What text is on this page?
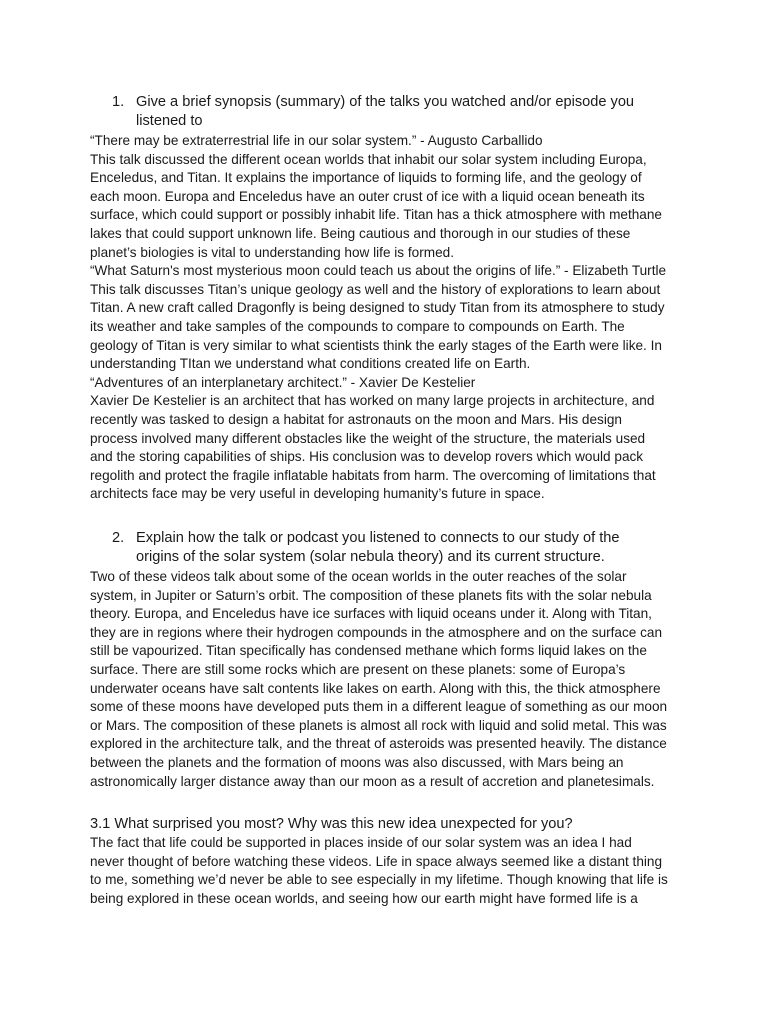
1. Give a brief synopsis (summary) of the talks you watched and/or episode you
listened to
“There may be extraterrestrial life in our solar system.” - Augusto Carballido
This talk discussed the different ocean worlds that inhabit our solar system including Europa,
Enceledus, and Titan. It explains the importance of liquids to forming life, and the geology of
each moon. Europa and Enceledus have an outer crust of ice with a liquid ocean beneath its
surface, which could support or possibly inhabit life. Titan has a thick atmosphere with methane
lakes that could support unknown life. Being cautious and thorough in our studies of these
planet’s biologies is vital to understanding how life is formed.
“What Saturn's most mysterious moon could teach us about the origins of life.” - Elizabeth Turtle
This talk discusses Titan’s unique geology as well and the history of explorations to learn about
Titan. A new craft called Dragonfly is being designed to study Titan from its atmosphere to study
its weather and take samples of the compounds to compare to compounds on Earth. The
geology of Titan is very similar to what scientists think the early stages of the Earth were like. In
understanding TItan we understand what conditions created life on Earth.
“Adventures of an interplanetary architect.” - Xavier De Kestelier
Xavier De Kestelier is an architect that has worked on many large projects in architecture, and
recently was tasked to design a habitat for astronauts on the moon and Mars. His design
process involved many different obstacles like the weight of the structure, the materials used
and the storing capabilities of ships. His conclusion was to develop rovers which would pack
regolith and protect the fragile inflatable habitats from harm. The overcoming of limitations that
architects face may be very useful in developing humanity’s future in space.
2. Explain how the talk or podcast you listened to connects to our study of the
origins of the solar system (solar nebula theory) and its current structure.
Two of these videos talk about some of the ocean worlds in the outer reaches of the solar
system, in Jupiter or Saturn’s orbit. The composition of these planets fits with the solar nebula
theory. Europa, and Enceledus have ice surfaces with liquid oceans under it. Along with Titan,
they are in regions where their hydrogen compounds in the atmosphere and on the surface can
still be vapourized. Titan specifically has condensed methane which forms liquid lakes on the
surface. There are still some rocks which are present on these planets: some of Europa’s
underwater oceans have salt contents like lakes on earth. Along with this, the thick atmosphere
some of these moons have developed puts them in a different league of something as our moon
or Mars. The composition of these planets is almost all rock with liquid and solid metal. This was
explored in the architecture talk, and the threat of asteroids was presented heavily. The distance
between the planets and the formation of moons was also discussed, with Mars being an
astronomically larger distance away than our moon as a result of accretion and planetesimals.
3.1 What surprised you most? Why was this new idea unexpected for you?
The fact that life could be supported in places inside of our solar system was an idea I had
never thought of before watching these videos. Life in space always seemed like a distant thing
to me, something we’d never be able to see especially in my lifetime. Though knowing that life is
being explored in these ocean worlds, and seeing how our earth might have formed life is a
